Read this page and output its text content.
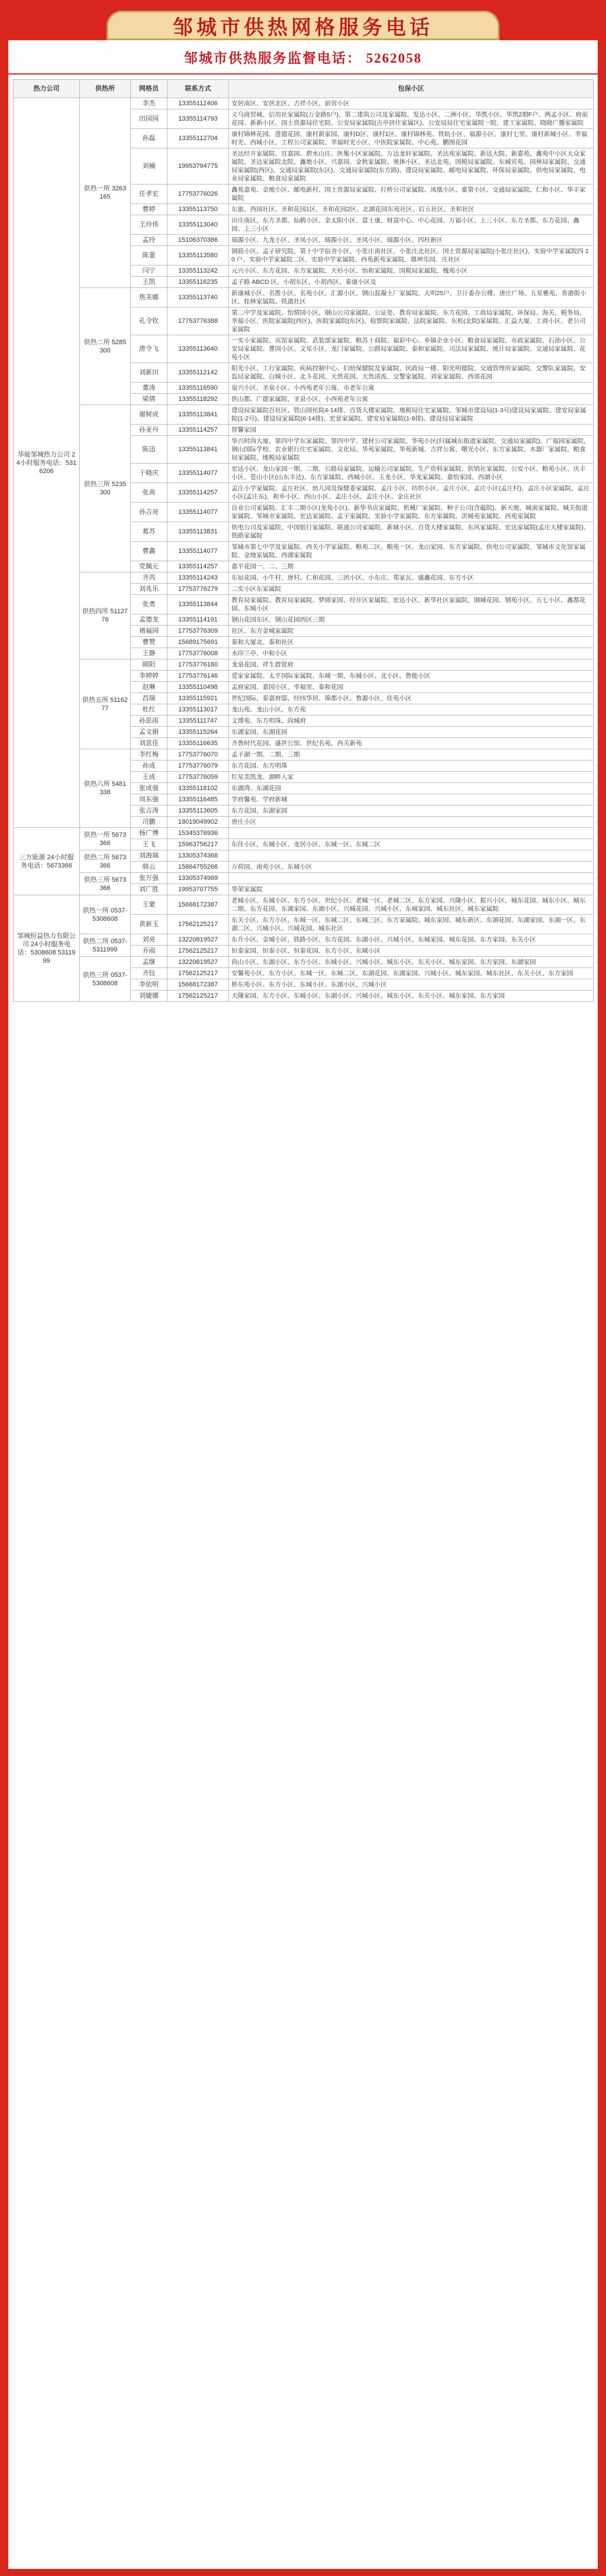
邹城市供热网格服务电话
邹城市供热服务监督电话： 5262058
热力公司	供热所	网格员	联系方式	包保小区
华能邹城热力公司 24小时服务电话：5316206	供热一所 3263165	李杰	13355112406	安居南区、安居北区、吉祥小区、前营小区
		田园园	13355114793	义乌商贸城、信用社家属院(万金路5户)、第二建筑公司及家属院、发达小区、二洲小区、华凯小区、华凯2期F户、两孟小区、府前花园、新新小区、国土资源局住宅院、公安局家属院(古亭居住家属区)、公安局局住宅家属院一院、建工家属院、晓晓广播家属院
		孙磊	13355112704	康村锦林花园、莲德花园、康村新家园、康村D区、康村1区、康村锦林苑、铁轨小区、福源小区、康村七里、康村新城小区、幸福时光、西城小区、工程公司家属院、幸福时光小区、中医院家属院、中心苑、鹏图花园
		刘楠	19953794775	圣达经开家属院、宜嘉园、碧水山庄、医集小区家属院、万达龙轩家属院、圣达苑家属院、新达大院、新嘉苑、鑫苑中小区大众家属院、圣达家属院北院、鑫地小区、兴嘉园、金秋家属院、奥体小区、圣达北苑、国税局家属院、东城宾苑、园林局家属院、交通局家属院(西区)、交通局家属院(东区)、交通局家属院(东方路)、建设局家属院、邮电局家属院、环保局家属院、供电局家属院、电业局家属院、粮食局家属院
		任孝宏	17753776026	鑫苑嘉苑、金地小区、邮电新村、国土资源局家属院、打桥公司家属院、凤凰小区、豪第小区、交通局家属院、仁和小区、华丰家属院
		曹婷	13355113750	东旅、西园社区、圣和花园1区、圣和花园2区、北湖花园东苑社区、后五社区、圣和社区
		王玲伟	13355113040	田庄南区、东方圣都、仙鹤小区、金太阳小区、富士康、财富中心、中心花园、万福小区、上三小区、东方圣都、东方花园、鑫园、上三小区
		孟玲	15106370386	瑞源小区、九龙小区、圣凤小区、瑞源小区、圣凤小区、瑞源小区、四柱新区
		陈蕾	13355113580	钢筋小区、孟子研究院、第十中学宿舍小区、小张庄南社区、小张庄北社区、国土资源局家属院(小张庄社区)、实验中学家属院四 10 户、实验中学家属院二区、实验中学家属院、西苑新苑家属院、鼎坤乐园、庄社区
		闫宁	13355113242	元兴小区、东方花园、东方家属院、天衫小区、怡和家属院、国税局家属院、槐苑小区
		王凯	13355116235	孟子路 ABCD 区、小胡东区、小胡西区、泰康小区及
	供热二所 5285300	焦美娜	13355113740	新康城小区、名胜小区、名苑小区、汇源小区、钢山混凝土厂家属院、大明25户、卫计委办公楼、唐庄广场、五星雅苑、香港街小区、桂林家属院、铁道社区
		孔令钦	17753776388	第二中学及家属院、怡情园小区、钢山公司家属院、公证处、教育局家属院、东方花园、工商局家属院、环保局、海关、税务局、幸福小区、医院家属院(西区)、医院家属院(东区)、检察院家属院、法院家属院、东机(北院)家属院、汇益大厦、工商小区、老公司家属院
		唐令飞	13355113640	一实小家属院、宾馆家属院、武装部家属院、粮苏十商院、福彩中心、乡镇企业小区、粮食局家属院、市政家属院、石油小区、公安局家属院、曹国小区、文星小区、龙门家属院、公路局家属院、泰和家属院、司法局家属院、统计局家属院、交通局家属院、花苑小区
		刘新田	13355112142	阳光小区、工行家属院、疾病控制中心、妇幼保健院及家属院、民政局一楼、阳光明德院、交通管理所家属院、交警队家属院、安监局家属院、白城小区、北斗花园、天然花园、天然清流、交警家属院、刘家家属院、西郊花园
		董涛	13355116590	泉兴小区、圣泉小区、小西苑老年公寓、市老年公寓
		梁倩	13355118292	供山都、广德家属院、圣泉小区、小西苑老年公寓
	供热三所 5235300	谢树成	13355113841	建设局家属院百社区、铁山园民院4-14排、百货大楼家属院、地税局住宅家属院、邹城市建设局(1-3号)建设局家属院、建安局家属院(1-2号)、建设局家属院(6-14排)、宏景家属院、建安局家属院(1-9排)、建设局局家属院
		孙亚丹	13355114257	智馨家园
		陈迅	13355113841	华兴时尚大厦、第四中学东家属院、第四中学、建材公司家属院、华苑小区(归属城东街道家属院、交通局家属院)、广福园家属院、钢山国际学校、农业银行住宅家属院、文化局、华苑家属院、华苑新城、吉祥公寓、曙光小区、东方家属院、木器厂家属院、粮食局家属院、地税局家属院
		于晓庆	13355114077	宏达小区、龙山家园一期、二期、公路局家属院、运输公司家属院、生产资料家属院、供销社家属院、公安小区、粮苑小区、庆丰小区、苍山小区(山东丰达)、东方家属院、西城小区、玉龙小区、华龙家属院、嘉怡家园、西湖小区
		张茜	13355114257	孟庄小学家属院、孟庄社区、幼儿园及保健委家属院、孟庄小区、纺织小区、孟庄小区、孟庄小区(孟庄村)、孟庄小区家属院、孟庄小区(孟庄东)、和乡小区、西山小区、孟庄小区、孟庄小区、金庄社区
		孙吉亮	13355114077	良业公司家属院、汇丰二期小区(龙苑小区)、新华书店家属院、机械厂家属院、种子公司(含蕴院)、新天地、城南家属院、城关街道家属院、邹城市家属院、宏达家属院、孟子家属院、实验小学家属院、东方家属院、洪城苑家属院、西苑家属院
		葛苏	13355113831	供电公司及家属院、中国银行家属院、联通公司家属院、新城小区、百货大楼家属院、东风家属院、宏达家属院(孟庄大楼家属院)、铁路家属院
		曹鑫	13355114077	邹城市第七中学及家属院、西关小学家属院、粮苑二区、粮苑一区、龙山家园、东方家属院、供电公司家属院、邹城市文化馆家属院、金地家属院、西湖家属院
		党佩元	13355114257	嘉平花园一、二、三期
	供热四所 5112776	齐芮	13355114243	东辰花园、小牛村、唐村、仁和花园、三团小区、小东庄、郑家瓦、盛鑫花园、东方小区
		刘兆乐	17753776279	二实小区东家属院
		张勇	13355113844	教育局家属院、教育局家属院、梦圆家园、经开区家属院、宏达小区、新华社区家属院、钢城花园、钢苑小区、五七小区、鑫都花园、东城小区
		孟德龙	13355114191	钢山花园东区、钢山花园西区三期
		褚福园	17753776309	社区、东方金城家属院
		曹赞	15689175691	泰和大厦北、泰和社区
		王静	17753776008	水印兰亭、中和小区
	供热五所 5116277	顾阳	17753776180	龙泉花园、祥生群贤府
		李婷婷	17753776146	爱家家属院、太平国际家属院、东城一期、东城小区、北小区、鲁能小区
		赵琳	13355110498	孟府家园、嘉园小区、幸福里、泰和花园
		昌瑞	13355115921	世纪国际、泰嘉府邸、经纬华居、锦都小区、鲁源小区、佳苑小区
		杜红	13355113017	龙山苑、龙山小区、东方苑
		孙思雨	13355111747	文博苑、东方明珠、尚城府
		孟文娟	13355115264	东湖家园、东湖花园
		刘思佳	13355116635	齐鲁时代花园、盛世公馆、世纪名苑、西关新苑
	供热六所 5481338	李红梅	17753776070	孟子湖一期、二期、三期
		孙成	17753776079	东方花园、东方明珠
		王成	17753776059	红星美凯龙、湖畔人家
		张成强	13355118102	东湖湾、东湖花园
		周东强	13355116485	学府馨苑、学府新城
		张吉涛	13355113605	东方花园、东湖家园
		司鹏	18019049902	唐庄小区
三方能源 24小时服务电话：5673366	供热一所 5673366	杨广博	15345376936	
		王飞	15963756217	东佳小区、东城小区、龙居小区、东城一区、东城二区
	供热二所 5673366	刘海瑞	13305374368	
		韩云	15864755266	万荷园、南苑小区、东城小区
	供热三所 5673366	张万强	13305374969	
		刘广胜	19953707755	华荣家属院
邹城恒益热力有限公司 24小时服务电话：5308608 5311999	供热一所 0537-5308608	王蒙	15668172387	老城小区、东城小区、东方小区、世纪小区、老城一区、老城二区、东方家园、兴隆小区、振兴小区、城东花园、城东小区、城东二期、东方花园、东湖家园、东湖小区、兴城花园、兴城小区、东城家园、城东社区、城东家属院
		黄新玉	17562125217	东关小区、东方小区、东城一区、东城二区、东城三区、东方家属院、城东家园、城东新区、东湖花园、东湖家园、东湖一区、东湖二区、兴城小区、兴城花园、城东社区
	供热二所 0537-5311999	刘亮	13220819527	东升小区、金城小区、铁路小区、东方花园、东湖小区、兴城小区、东城家园、城东花园、东方家园、东关小区
		乔雨	17562125217	恒泰家园、恒泰小区、恒泰花园、东方小区、东城小区
	供热三所 0537-5308608	孟继	13220819527	尚山小区、东湖小区、东方小区、东城小区、兴城小区、城东小区、东关小区、城东家园、东方家园、东湖家园
		齐钰	17562125217	安馨苑小区、东方小区、东城一区、东城二区、东湖花园、东湖家园、兴城小区、城东家园、城东社区、东关小区、东方家园
		李依明	15668172387	桥东苑小区、东方小区、东城小区、东湖小区、兴城小区
		刘婕娜	17562125217	天隆家园、东方小区、东城小区、东湖小区、兴城小区、城东小区、东关小区、城东家园、东方家园
